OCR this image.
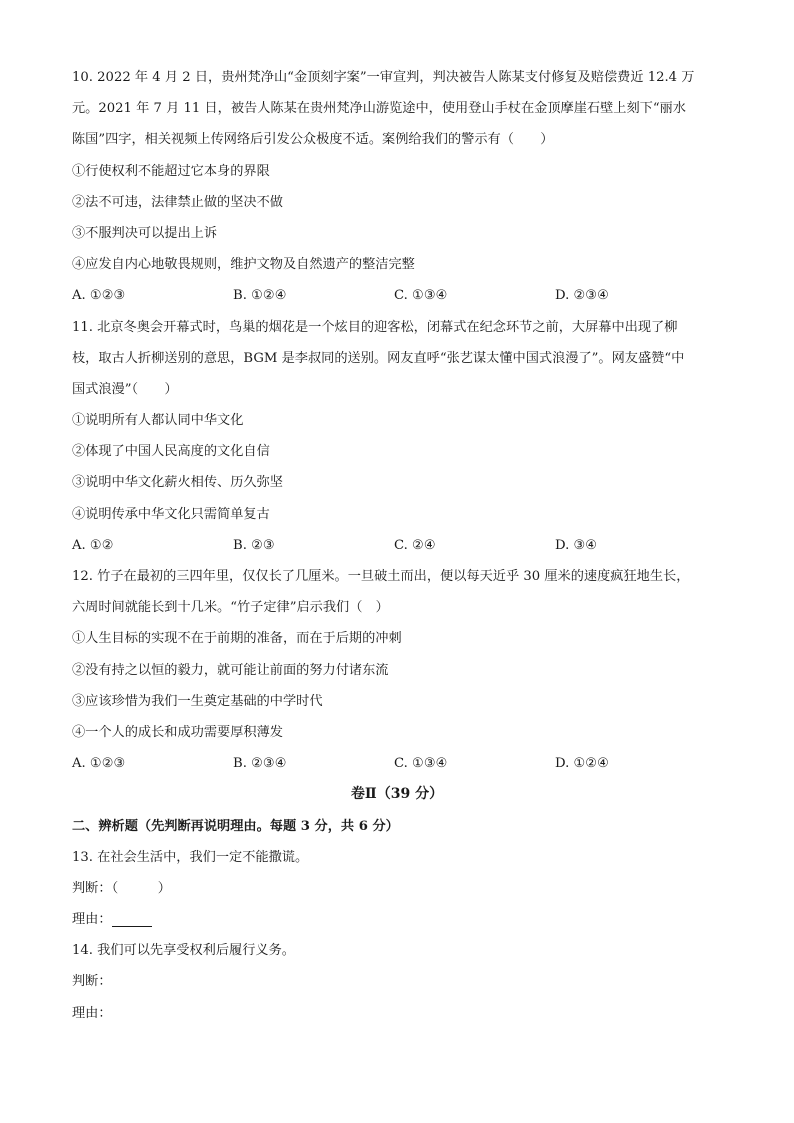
10. 2022 年 4 月 2 日，贵州梵净山“金顶刻字案”一审宣判，判决被告人陈某支付修复及赔偿费近 12.4 万
元。2021 年 7 月 11 日，被告人陈某在贵州梵净山游览途中，使用登山手杖在金顶摩崖石壁上刻下“丽水
陈国”四字，相关视频上传网络后引发公众极度不适。案例给我们的警示有（　　）
①行使权利不能超过它本身的界限
②法不可违，法律禁止做的坚决不做
③不服判决可以提出上诉
④应发自内心地敬畏规则，维护文物及自然遗产的整洁完整
A. ①②③	B. ①②④	C. ①③④	D. ②③④
11. 北京冬奥会开幕式时，鸟巢的烟花是一个炫目的迎客松，闭幕式在纪念环节之前，大屏幕中出现了柳
枝，取古人折柳送别的意思，BGM 是李叔同的送别。网友直呼“张艺谋太懂中国式浪漫了”。网友盛赞“中
国式浪漫”（　　）
①说明所有人都认同中华文化
②体现了中国人民高度的文化自信
③说明中华文化薪火相传、历久弥坚
④说明传承中华文化只需简单复古
A. ①②	B. ②③	C. ②④	D. ③④
12. 竹子在最初的三四年里，仅仅长了几厘米。一旦破土而出，便以每天近乎 30 厘米的速度疯狂地生长，
六周时间就能长到十几米。“竹子定律”启示我们（　）
①人生目标的实现不在于前期的准备，而在于后期的冲刺
②没有持之以恒的毅力，就可能让前面的努力付诸东流
③应该珍惜为我们一生奠定基础的中学时代
④一个人的成长和成功需要厚积薄发
A. ①②③	B. ②③④	C. ①③④	D. ①②④
卷Ⅱ（39 分）
二、辨析题（先判断再说明理由。每题 3 分，共 6 分）
13. 在社会生活中，我们一定不能撒谎。
判断：（　　　）
理由：
14. 我们可以先享受权利后履行义务。
判断：
理由：
